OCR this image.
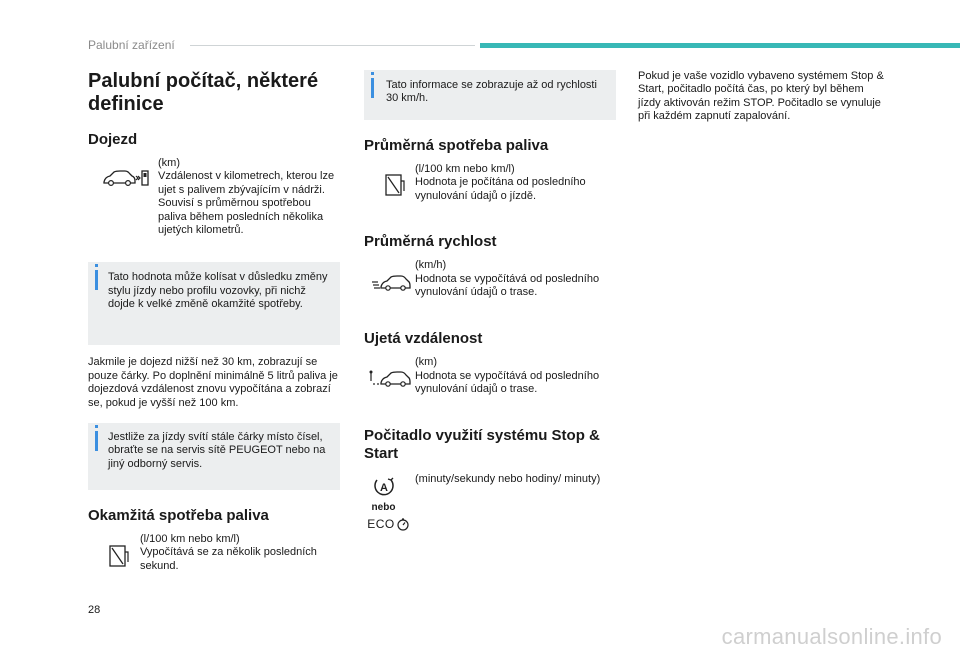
Palubní zařízení
Palubní počítač, některé definice
Dojezd
(km)
Vzdálenost v kilometrech, kterou lze ujet s palivem zbývajícím v nádrži. Souvisí s průměrnou spotřebou paliva během posledních několika ujetých kilometrů.
Tato hodnota může kolísat v důsledku změny stylu jízdy nebo profilu vozovky, při nichž dojde k velké změně okamžité spotřeby.
Jakmile je dojezd nižší než 30 km, zobrazují se pouze čárky. Po doplnění minimálně 5 litrů paliva je dojezdová vzdálenost znovu vypočítána a zobrazí se, pokud je vyšší než 100 km.
Jestliže za jízdy svítí stále čárky místo čísel, obraťte se na servis sítě PEUGEOT nebo na jiný odborný servis.
Okamžitá spotřeba paliva
(l/100 km nebo km/l)
Vypočítává se za několik posledních sekund.
Tato informace se zobrazuje až od rychlosti 30 km/h.
Průměrná spotřeba paliva
(l/100 km nebo km/l)
Hodnota je počítána od posledního vynulování údajů o jízdě.
Průměrná rychlost
(km/h)
Hodnota se vypočítává od posledního vynulování údajů o trase.
Ujetá vzdálenost
(km)
Hodnota se vypočítává od posledního vynulování údajů o trase.
Počitadlo využití systému Stop & Start
A
nebo
ECO
(minuty/sekundy nebo hodiny/ minuty)
Pokud je vaše vozidlo vybaveno systémem Stop & Start, počitadlo počítá čas, po který byl během jízdy aktivován režim STOP. Počitadlo se vynuluje při každém zapnutí zapalování.
28
carmanualsonline.info
